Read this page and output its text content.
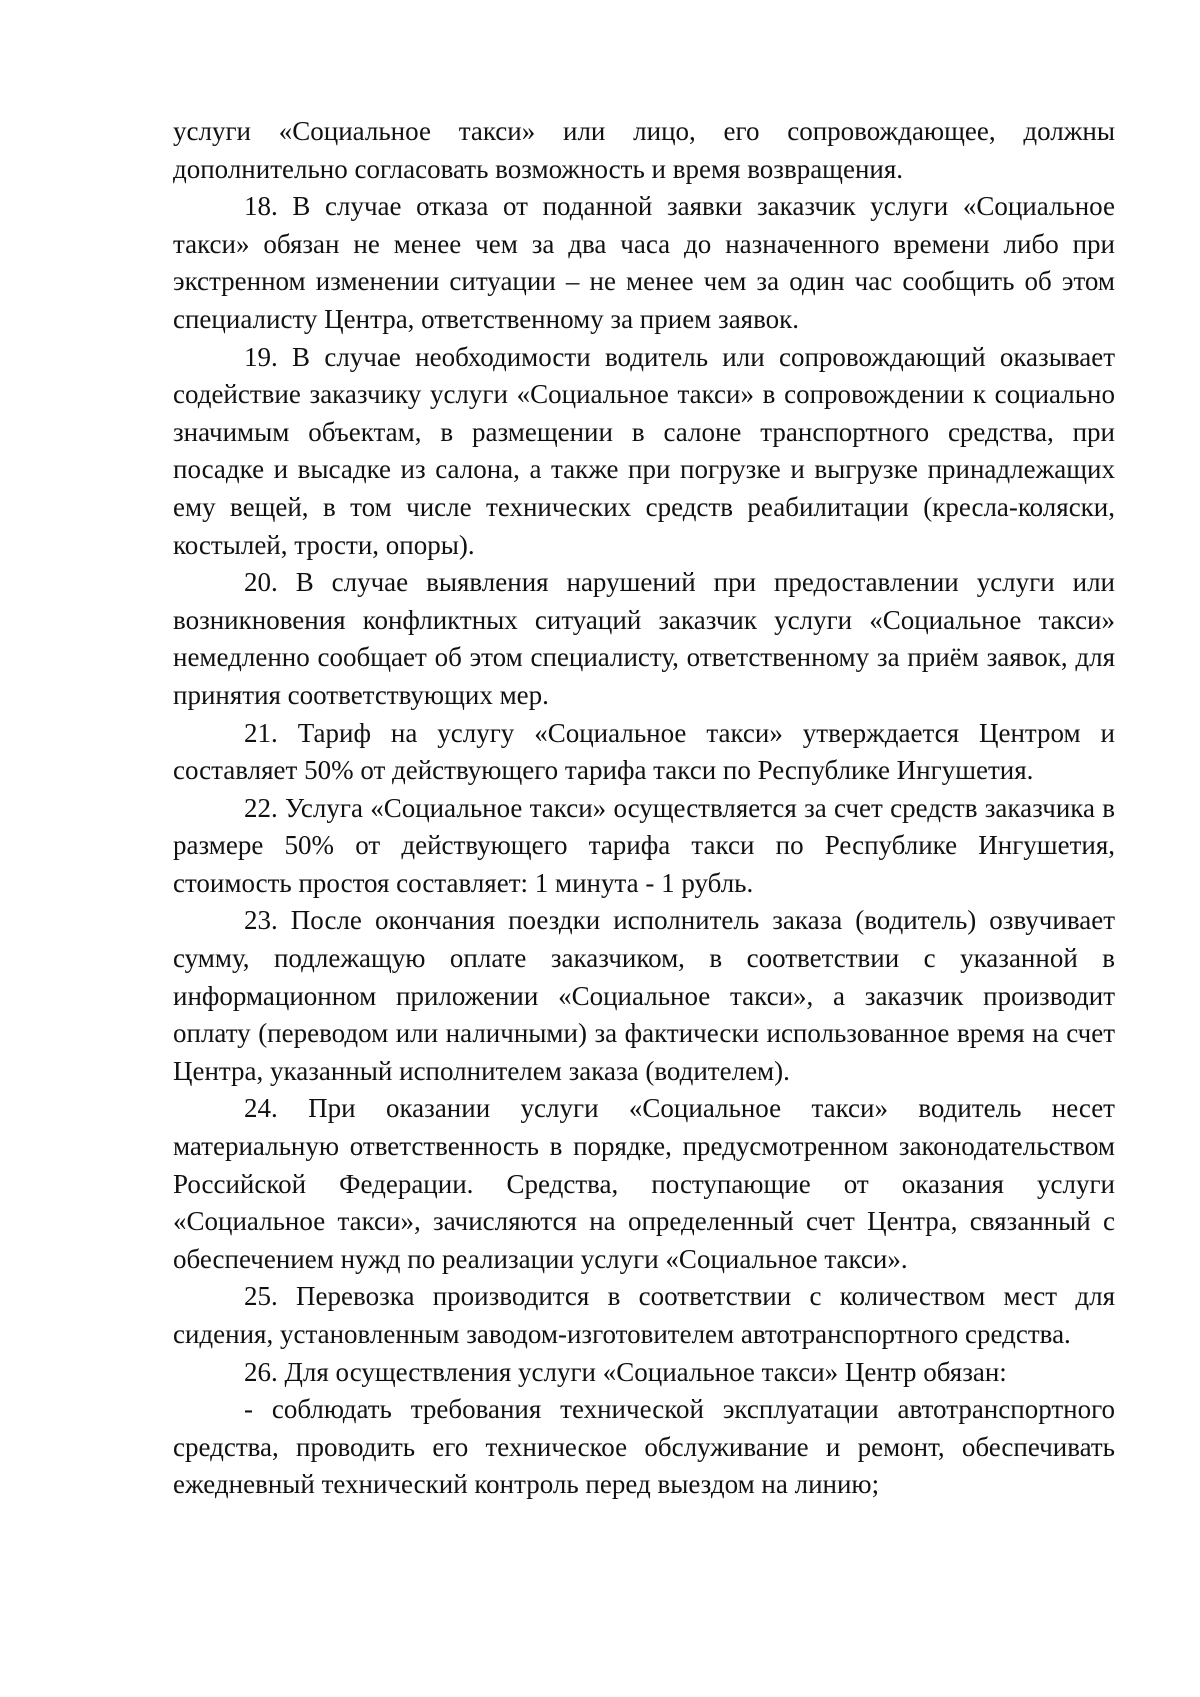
услуги «Социальное такси» или лицо, его сопровождающее, должны дополнительно согласовать возможность и время возвращения.

18. В случае отказа от поданной заявки заказчик услуги «Социальное такси» обязан не менее чем за два часа до назначенного времени либо при экстренном изменении ситуации – не менее чем за один час сообщить об этом специалисту Центра, ответственному за прием заявок.

19. В случае необходимости водитель или сопровождающий оказывает содействие заказчику услуги «Социальное такси» в сопровождении к социально значимым объектам, в размещении в салоне транспортного средства, при посадке и высадке из салона, а также при погрузке и выгрузке принадлежащих ему вещей, в том числе технических средств реабилитации (кресла-коляски, костылей, трости, опоры).

20. В случае выявления нарушений при предоставлении услуги или возникновения конфликтных ситуаций заказчик услуги «Социальное такси» немедленно сообщает об этом специалисту, ответственному за приём заявок, для принятия соответствующих мер.

21. Тариф на услугу «Социальное такси» утверждается Центром и составляет 50% от действующего тарифа такси по Республике Ингушетия.

22. Услуга «Социальное такси» осуществляется за счет средств заказчика в размере 50% от действующего тарифа такси по Республике Ингушетия, стоимость простоя составляет: 1 минута - 1 рубль.

23. После окончания поездки исполнитель заказа (водитель) озвучивает сумму, подлежащую оплате заказчиком, в соответствии с указанной в информационном приложении «Социальное такси», а заказчик производит оплату (переводом или наличными) за фактически использованное время на счет Центра, указанный исполнителем заказа (водителем).

24. При оказании услуги «Социальное такси» водитель несет материальную ответственность в порядке, предусмотренном законодательством Российской Федерации. Средства, поступающие от оказания услуги «Социальное такси», зачисляются на определенный счет Центра, связанный с обеспечением нужд по реализации услуги «Социальное такси».

25. Перевозка производится в соответствии с количеством мест для сидения, установленным заводом-изготовителем автотранспортного средства.

26. Для осуществления услуги «Социальное такси» Центр обязан:

- соблюдать требования технической эксплуатации автотранспортного средства, проводить его техническое обслуживание и ремонт, обеспечивать ежедневный технический контроль перед выездом на линию;
